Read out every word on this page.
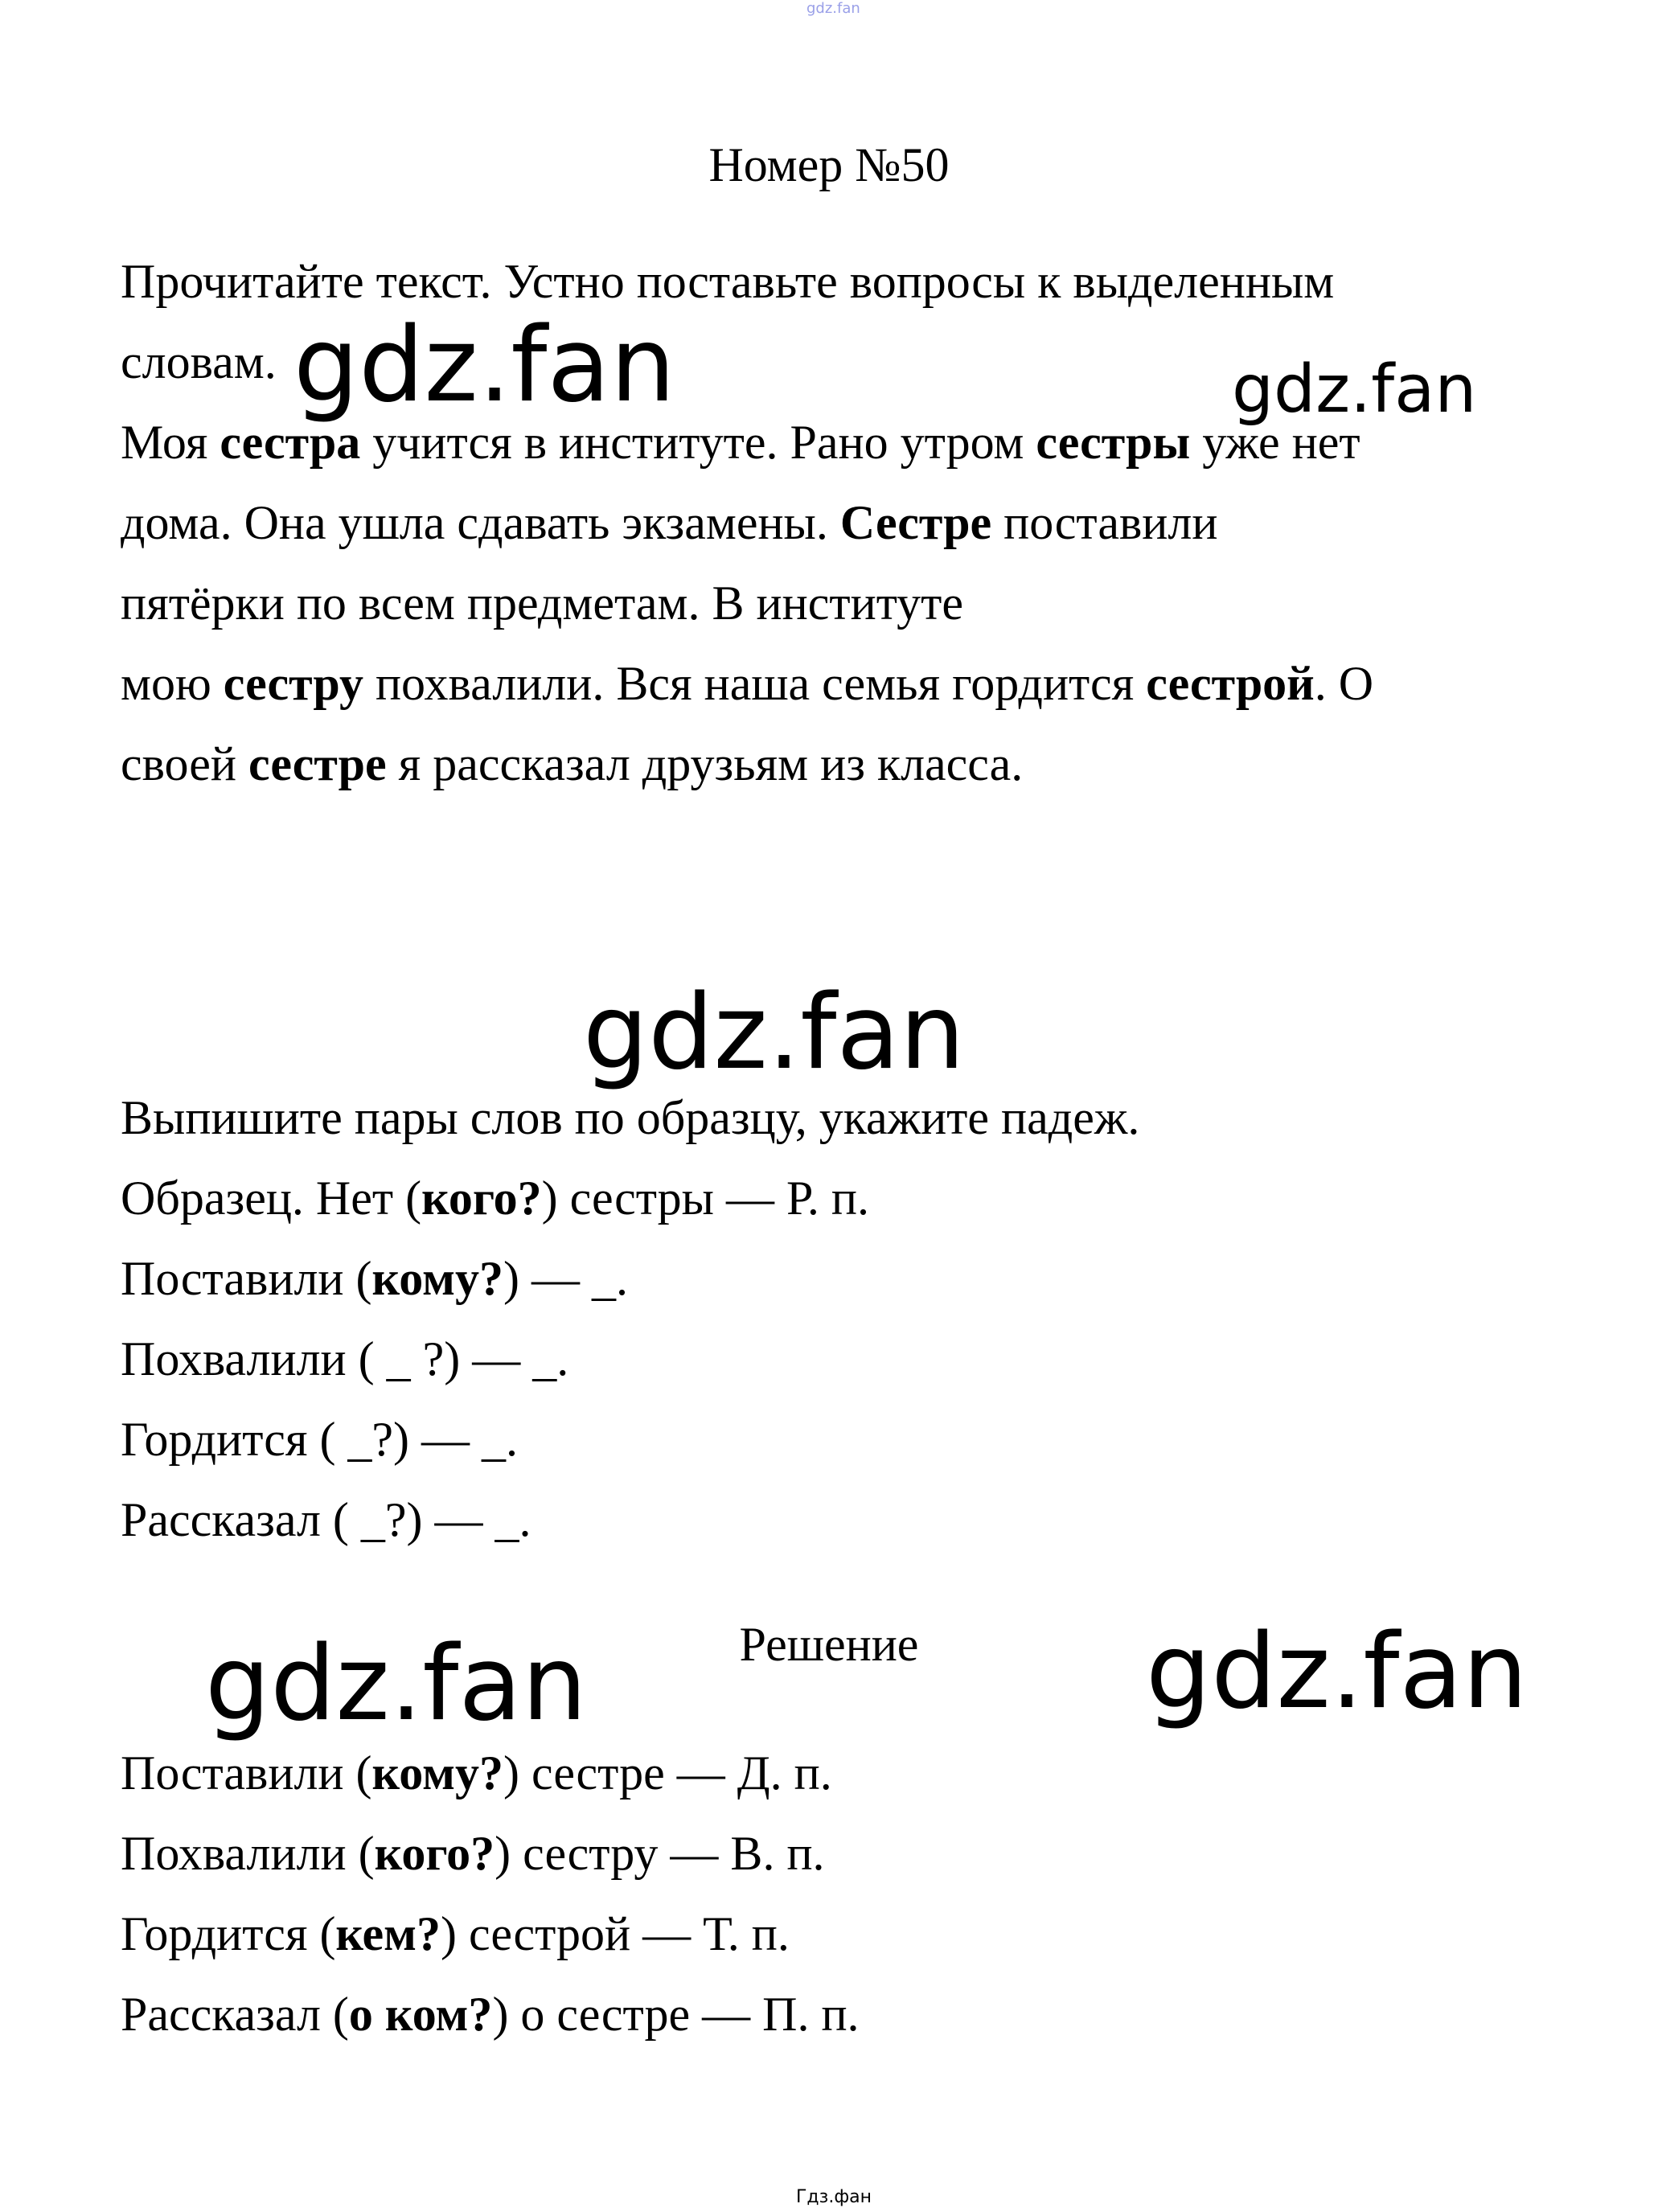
gdz.fan
Номер №50
Прочитайте текст. Устно поставьте вопросы к выделенным
словам.
Моя сестра учится в институте. Рано утром сестры уже нет
дома. Она ушла сдавать экзамены. Сестре поставили
пятёрки по всем предметам. В институте
мою сестру похвалили. Вся наша семья гордится сестрой. О
своей сестре я рассказал друзьям из класса.
Выпишите пары слов по образцу, укажите падеж.
Образец. Нет (кого?) сестры — Р. п.
Поставили (кому?) — _.
Похвалили ( _ ?) — _.
Гордится ( _?) — _.
Рассказал ( _?) — _.
Решение
Поставили (кому?) сестре — Д. п.
Похвалили (кого?) сестру — В. п.
Гордится (кем?) сестрой — Т. п.
Рассказал (о ком?) о сестре — П. п.
gdz.fan	gdz.fan
gdz.fan
gdz.fan	gdz.fan
Гдз.фан
